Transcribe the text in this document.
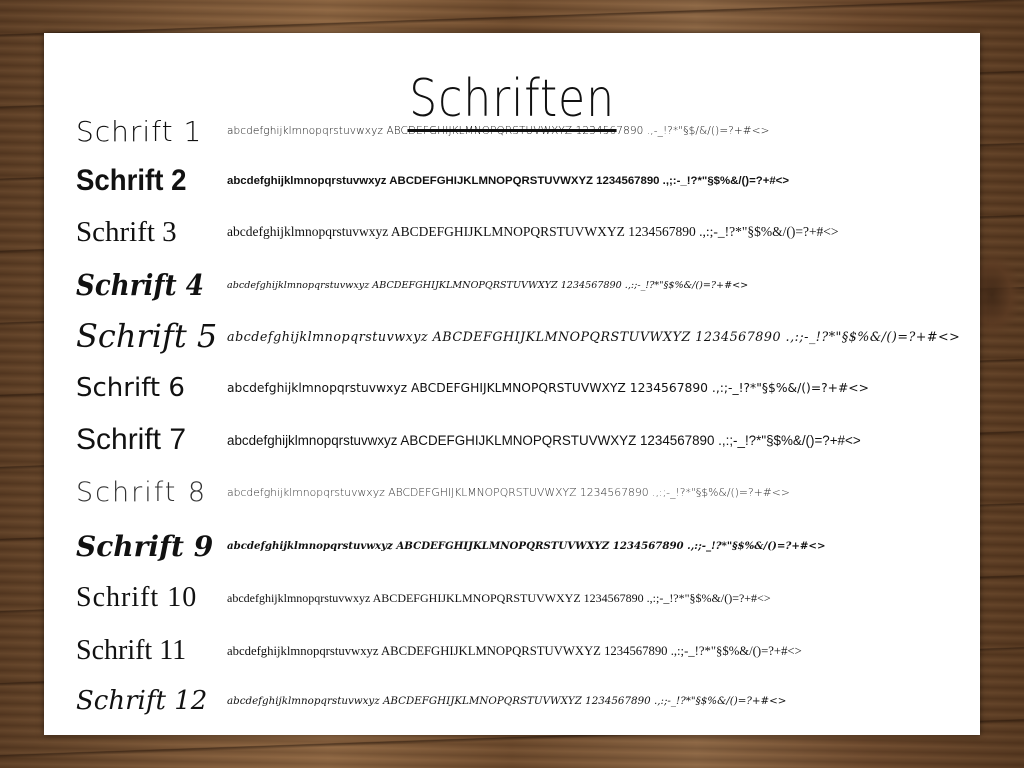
Schriften
Schrift 1 abcdefghijklmnopqrstuvwxyz ABCDEFGHIJKLMNOPQRSTUVWXYZ 1234567890 .,-_!?*"§$/&/()=?+#<>
Schrift 2	abcdefghijklmnopqrstuvwxyz ABCDEFGHIJKLMNOPQRSTUVWXYZ 1234567890 .,;:-_!?*"§$%&/()=?+#<>
Schrift 3	abcdefghijklmnopqrstuvwxyz ABCDEFGHIJKLMNOPQRSTUVWXYZ 1234567890 .,:;-_!?*"§$%&/()=?+#<>
Schrift 4 abcdefghijklmnopqrstuvwxyz ABCDEFGHIJKLMNOPQRSTUVWXYZ 1234567890 .,:;-_!?*"§$%&/()=?+#<>
Schrift 5 abcdefghijklmnopqrstuvwxyz ABCDEFGHIJKLMNOPQRSTUVWXYZ 1234567890 .,:;-_!?*"§$%&/()=?+#<>
Schrift 6	abcdefghijklmnopqrstuvwxyz ABCDEFGHIJKLMNOPQRSTUVWXYZ 1234567890 .,:;-_!?*"§$%&/()=?+#<>
Schrift 7	abcdefghijklmnopqrstuvwxyz ABCDEFGHIJKLMNOPQRSTUVWXYZ 1234567890 .,:;-_!?*"§$%&/()=?+#<>
Schrift 8 abcdefghijklmnopqrstuvwxyz ABCDEFGHIJKLMNOPQRSTUVWXYZ 1234567890 .,:;-_!?*"§$%&/()=?+#<>
Schrift 9 abcdefghijklmnopqrstuvwxyz ABCDEFGHIJKLMNOPQRSTUVWXYZ 1234567890 .,:;-_!?*"§$%&/()=?+#<>
Schrift 10 abcdefghijklmnopqrstuvwxyz ABCDEFGHIJKLMNOPQRSTUVWXYZ 1234567890 .,:;-_!?*"§$%&/()=?+#<>
Schrift 11	abcdefghijklmnopqrstuvwxyz ABCDEFGHIJKLMNOPQRSTUVWXYZ 1234567890 .,:;-_!?*"§$%&/()=?+#<>
Schrift 12 abcdefghijklmnopqrstuvwxyz ABCDEFGHIJKLMNOPQRSTUVWXYZ 1234567890 .,:;-_!?*"§$%&/()=?+#<>
